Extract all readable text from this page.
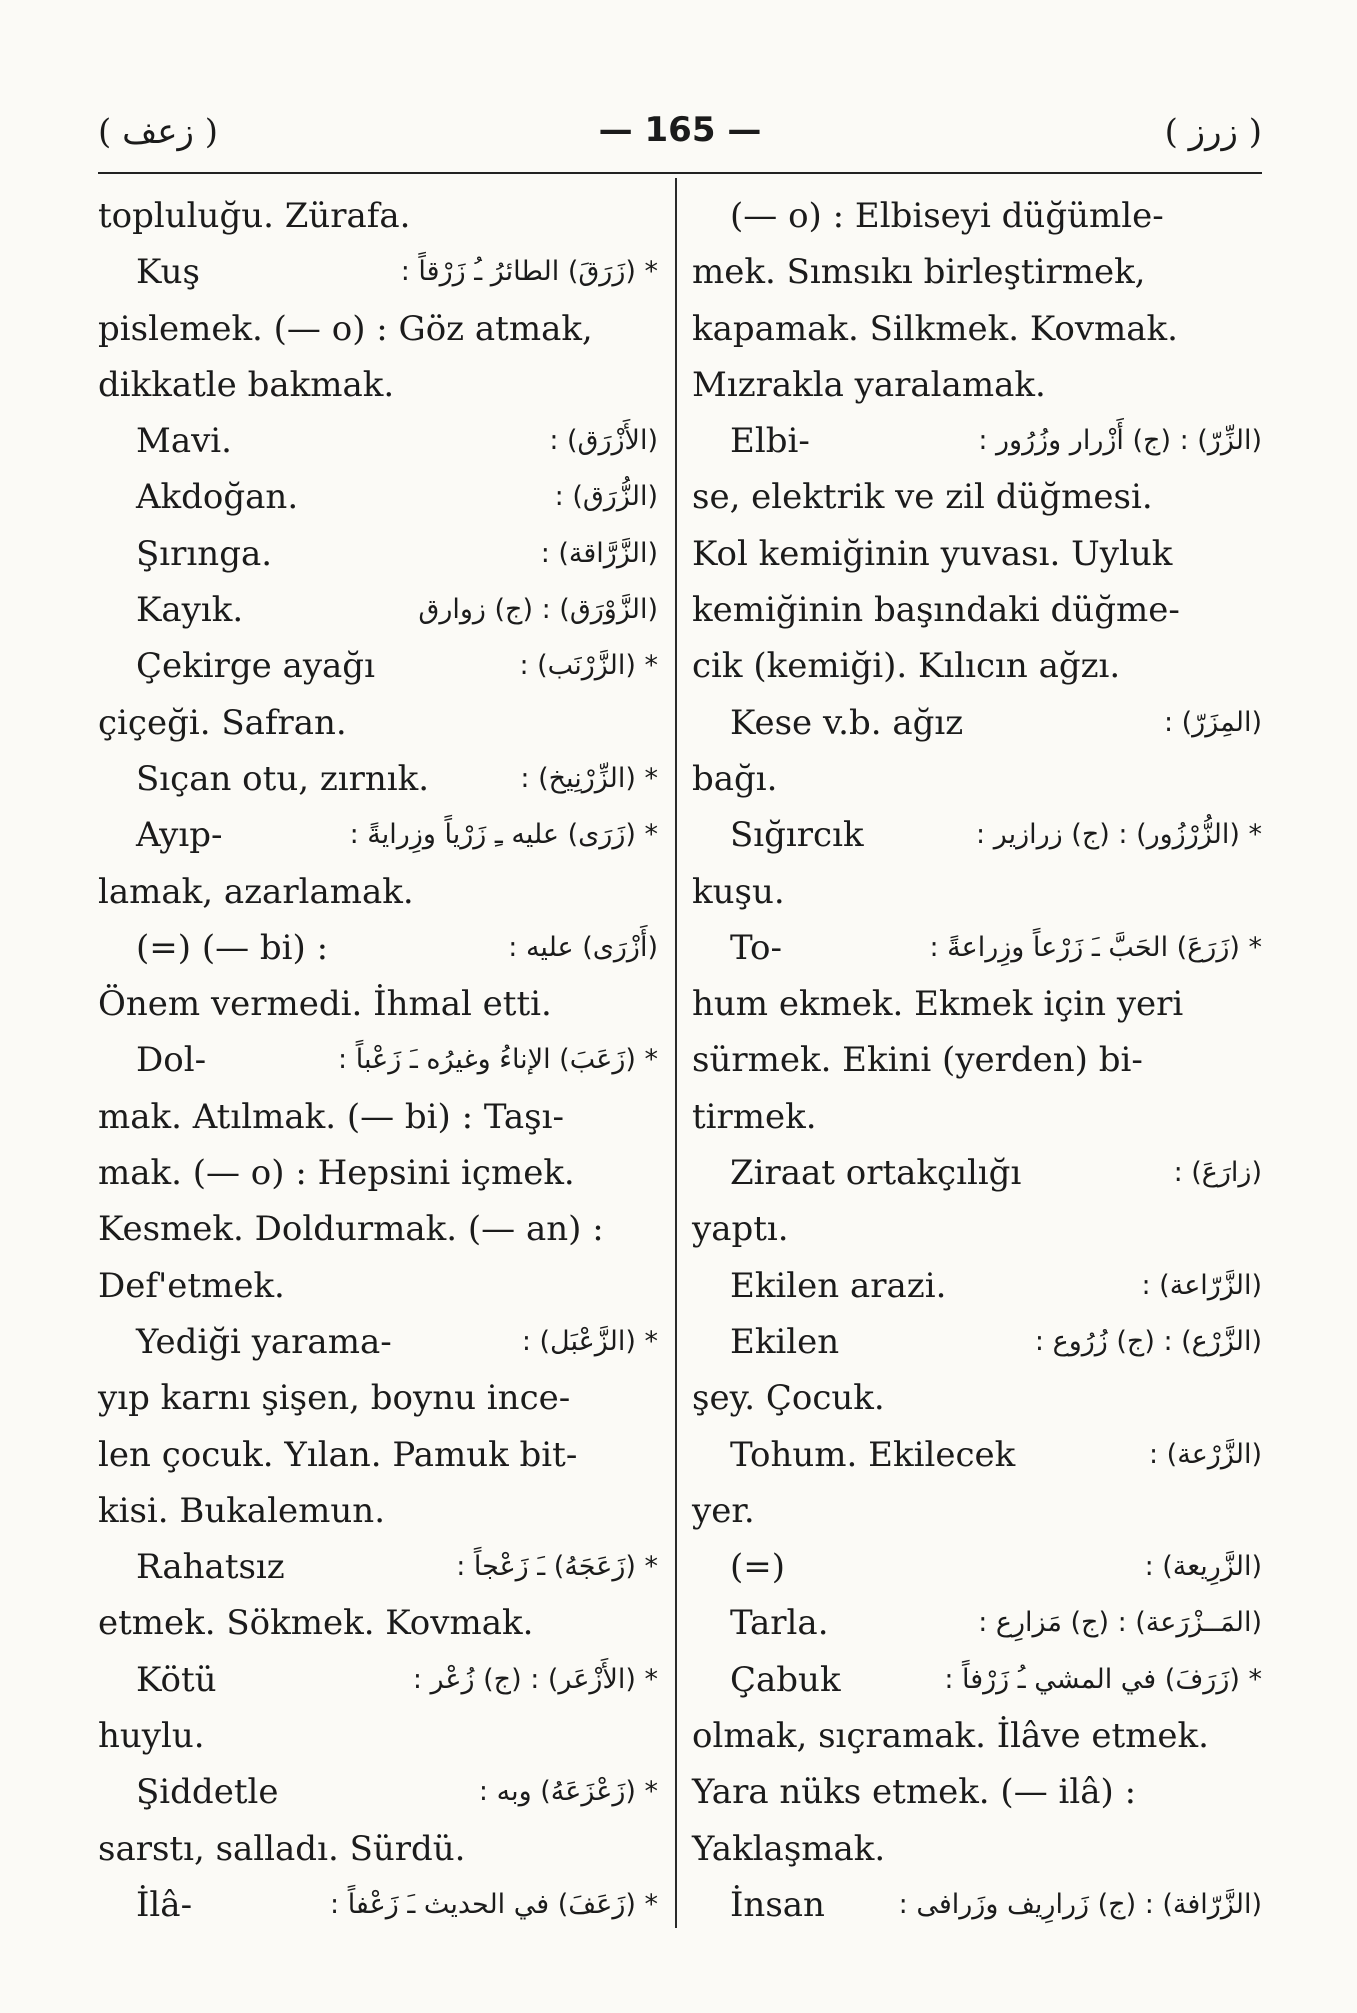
( زعف )	— 165 —	( زرز )
topluluğu. Zürafa.
Kuş	* (زَرَقَ) الطائرُ ـُ زَرْقاً :
pislemek. (— o) : Göz atmak,
dikkatle bakmak.
Mavi.	(الأَزْرَق) :
Akdoğan.	(الزُّرَق) :
Şırınga.	(الزَّرَّاقة) :
Kayık.	(الزَّوْرَق) : (ج) زوارق
Çekirge ayağı	* (الزَّرْنَب) :
çiçeği. Safran.
Sıçan otu, zırnık.	* (الزِّرْنِيخ) :
Ayıp-	* (زَرَى) عليه ـِ زَرْياً وزِرايةً :
lamak, azarlamak.
(=) (— bi) :	(أَزْرَى) عليه :
Önem vermedi. İhmal etti.
Dol-	* (زَعَبَ) الإناءُ وغيرُه ـَ زَعْباً :
mak. Atılmak. (— bi) : Taşı-
mak. (— o) : Hepsini içmek.
Kesmek. Doldurmak. (— an) :
Def'etmek.
Yediği yarama-	* (الزَّعْبَل) :
yıp karnı şişen, boynu ince-
len çocuk. Yılan. Pamuk bit-
kisi. Bukalemun.
Rahatsız	* (زَعَجَهُ) ـَ زَعْجاً :
etmek. Sökmek. Kovmak.
Kötü	* (الأَزْعَر) : (ج) زُعْر :
huylu.
Şiddetle	* (زَعْزَعَهُ) وبه :
sarstı, salladı. Sürdü.
İlâ-	* (زَعَفَ) في الحديث ـَ زَعْفاً :
(— o) : Elbiseyi düğümle-
mek. Sımsıkı birleştirmek,
kapamak. Silkmek. Kovmak.
Mızrakla yaralamak.
Elbi-	(الزِّرّ) : (ج) أَزْرار وزُرُور :
se, elektrik ve zil düğmesi.
Kol kemiğinin yuvası. Uyluk
kemiğinin başındaki düğme-
cik (kemiği). Kılıcın ağzı.
Kese v.b. ağız	(المِزَرّ) :
bağı.
Sığırcık	* (الزُّرْزُور) : (ج) زرازير :
kuşu.
To-	* (زَرَعَ) الحَبَّ ـَ زَرْعاً وزِراعةً :
hum ekmek. Ekmek için yeri
sürmek. Ekini (yerden) bi-
tirmek.
Ziraat ortakçılığı	(زارَعَ) :
yaptı.
Ekilen arazi.	(الزَّرّاعة) :
Ekilen	(الزَّرْع) : (ج) زُرُوع :
şey. Çocuk.
Tohum. Ekilecek	(الزَّرْعة) :
yer.
(=)	(الزَّرِيعة) :
Tarla.	(المَــزْرَعة) : (ج) مَزارِع :
Çabuk	* (زَرَفَ) في المشي ـُ زَرْفاً :
olmak, sıçramak. İlâve etmek.
Yara nüks etmek. (— ilâ) :
Yaklaşmak.
İnsan	(الزَّرّافة) : (ج) زَرارِيف وزَرافى :
